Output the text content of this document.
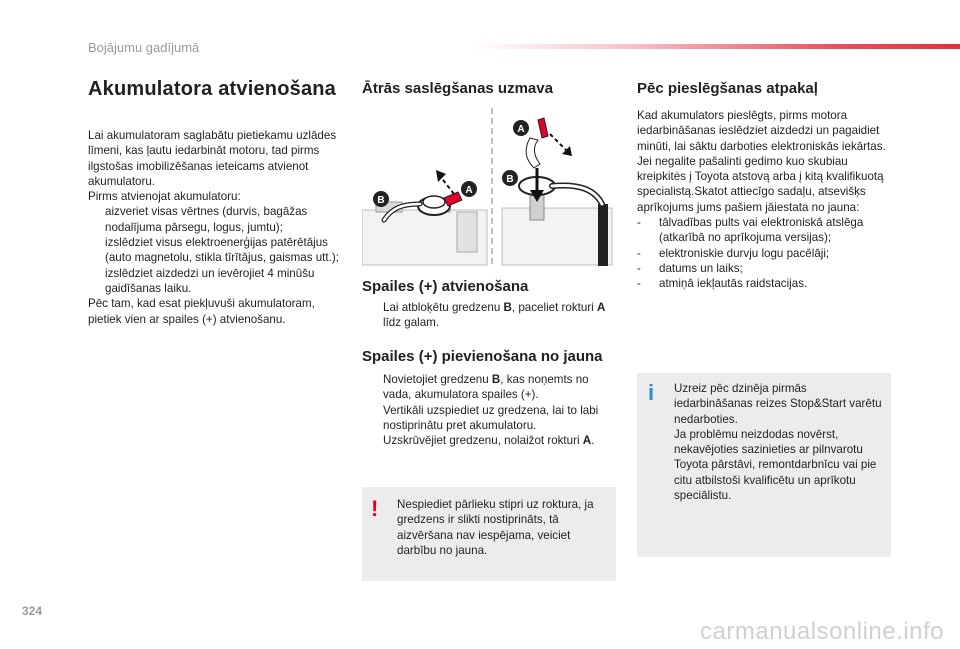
Bojājumu gadījumā
Akumulatora atvienošana

Lai akumulatoram saglabātu pietiekamu uzlādes līmeni, kas ļautu iedarbināt motoru, tad pirms ilgstošas imobilizēšanas ieteicams atvienot akumulatoru.

Pirms atvienojat akumulatoru:

aizveriet visas vērtnes (durvis, bagāžas nodalījuma pārsegu, logus, jumtu);
izslēdziet visus elektroenerģijas patērētājus (auto magnetolu, stikla tīrītājus, gaismas utt.);
izslēdziet aizdedzi un ievērojiet 4 minūšu gaidīšanas laiku.

Pēc tam, kad esat piekļuvuši akumulatoram, pietiek vien ar spailes (+) atvienošanu.

Ātrās saslēgšanas uzmava
B
A
A
B
Spailes (+) atvienošana
Lai atbloķētu gredzenu B, paceliet rokturi A līdz galam.
Spailes (+) pievienošana no jauna
Novietojiet gredzenu B, kas noņemts no vada, akumulatora spailes (+).
Vertikāli uzspiediet uz gredzena, lai to labi nostiprinātu pret akumulatoru.
Uzskrūvējiet gredzenu, nolaižot rokturi A.
! Nespiediet pārlieku stipri uz roktura, ja gredzens ir slikti nostiprināts, tā aizvēršana nav iespējama, veiciet darbību no jauna.
Pēc pieslēgšanas atpakaļ

Kad akumulators pieslēgts, pirms motora iedarbināšanas ieslēdziet aizdedzi un pagaidiet minūti, lai sāktu darboties elektroniskās iekārtas.

Jei negalite pašalinti gedimo kuo skubiau kreipkitės į Toyota atstovą arba į kitą kvalifikuotą specialistą.Skatot attiecīgo sadaļu, atsevišķs aprīkojums jums pašiem jāiestata no jauna:

- tālvadības pults vai elektroniskā atslēga (atkarībā no aprīkojuma versijas);
- elektroniskie durvju logu pacēlāji;
- datums un laiks;
- atmiņā iekļautās raidstacijas.
i Uzreiz pēc dzinēja pirmās iedarbināšanas reizes Stop&Start varētu nedarboties.
Ja problēmu neizdodas novērst, nekavējoties sazinieties ar pilnvarotu Toyota pārstāvi, remontdarbnīcu vai pie citu atbilstoši kvalificētu un aprīkotu speciālistu.
324
carmanualsonline.info
